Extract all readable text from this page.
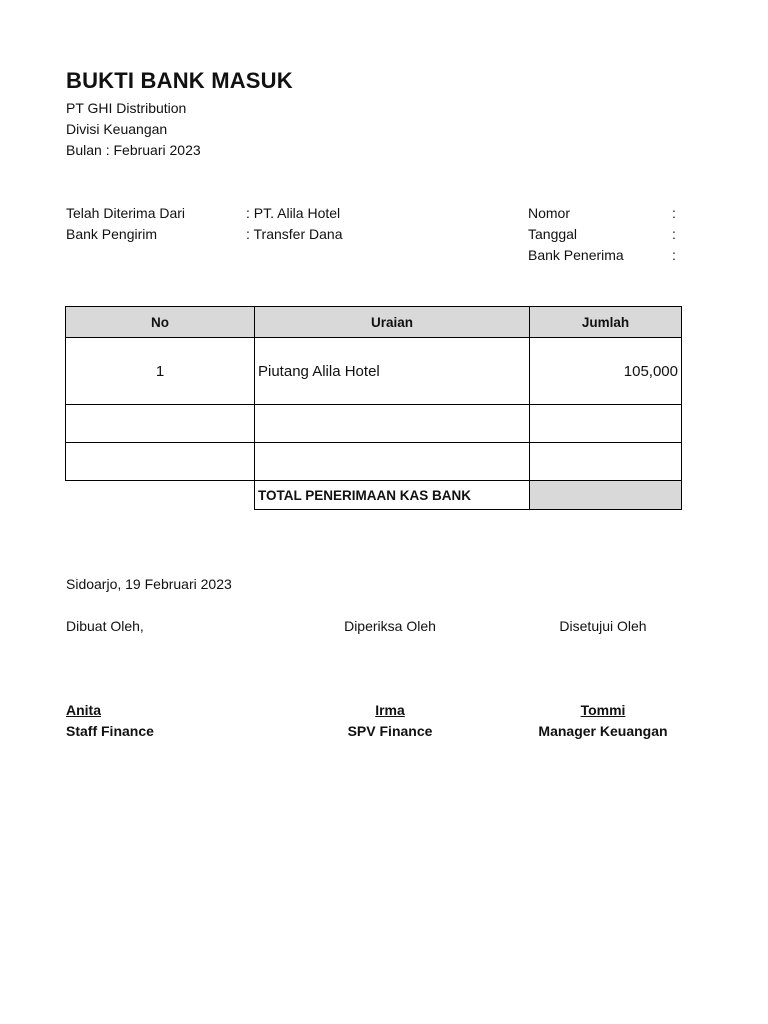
BUKTI BANK MASUK
PT GHI Distribution
Divisi Keuangan
Bulan : Februari 2023
Telah Diterima Dari	: PT. Alila Hotel
Bank Pengirim	: Transfer Dana
Nomor	:
Tanggal	:
Bank Penerima	:
No	Uraian	Jumlah
1	Piutang Alila Hotel	105,000

	TOTAL PENERIMAAN KAS BANK	
Sidoarjo, 19 Februari 2023
Dibuat Oleh,	Diperiksa Oleh	Disetujui Oleh
Anita	Irma	Tommi
Staff Finance	SPV Finance	Manager Keuangan
